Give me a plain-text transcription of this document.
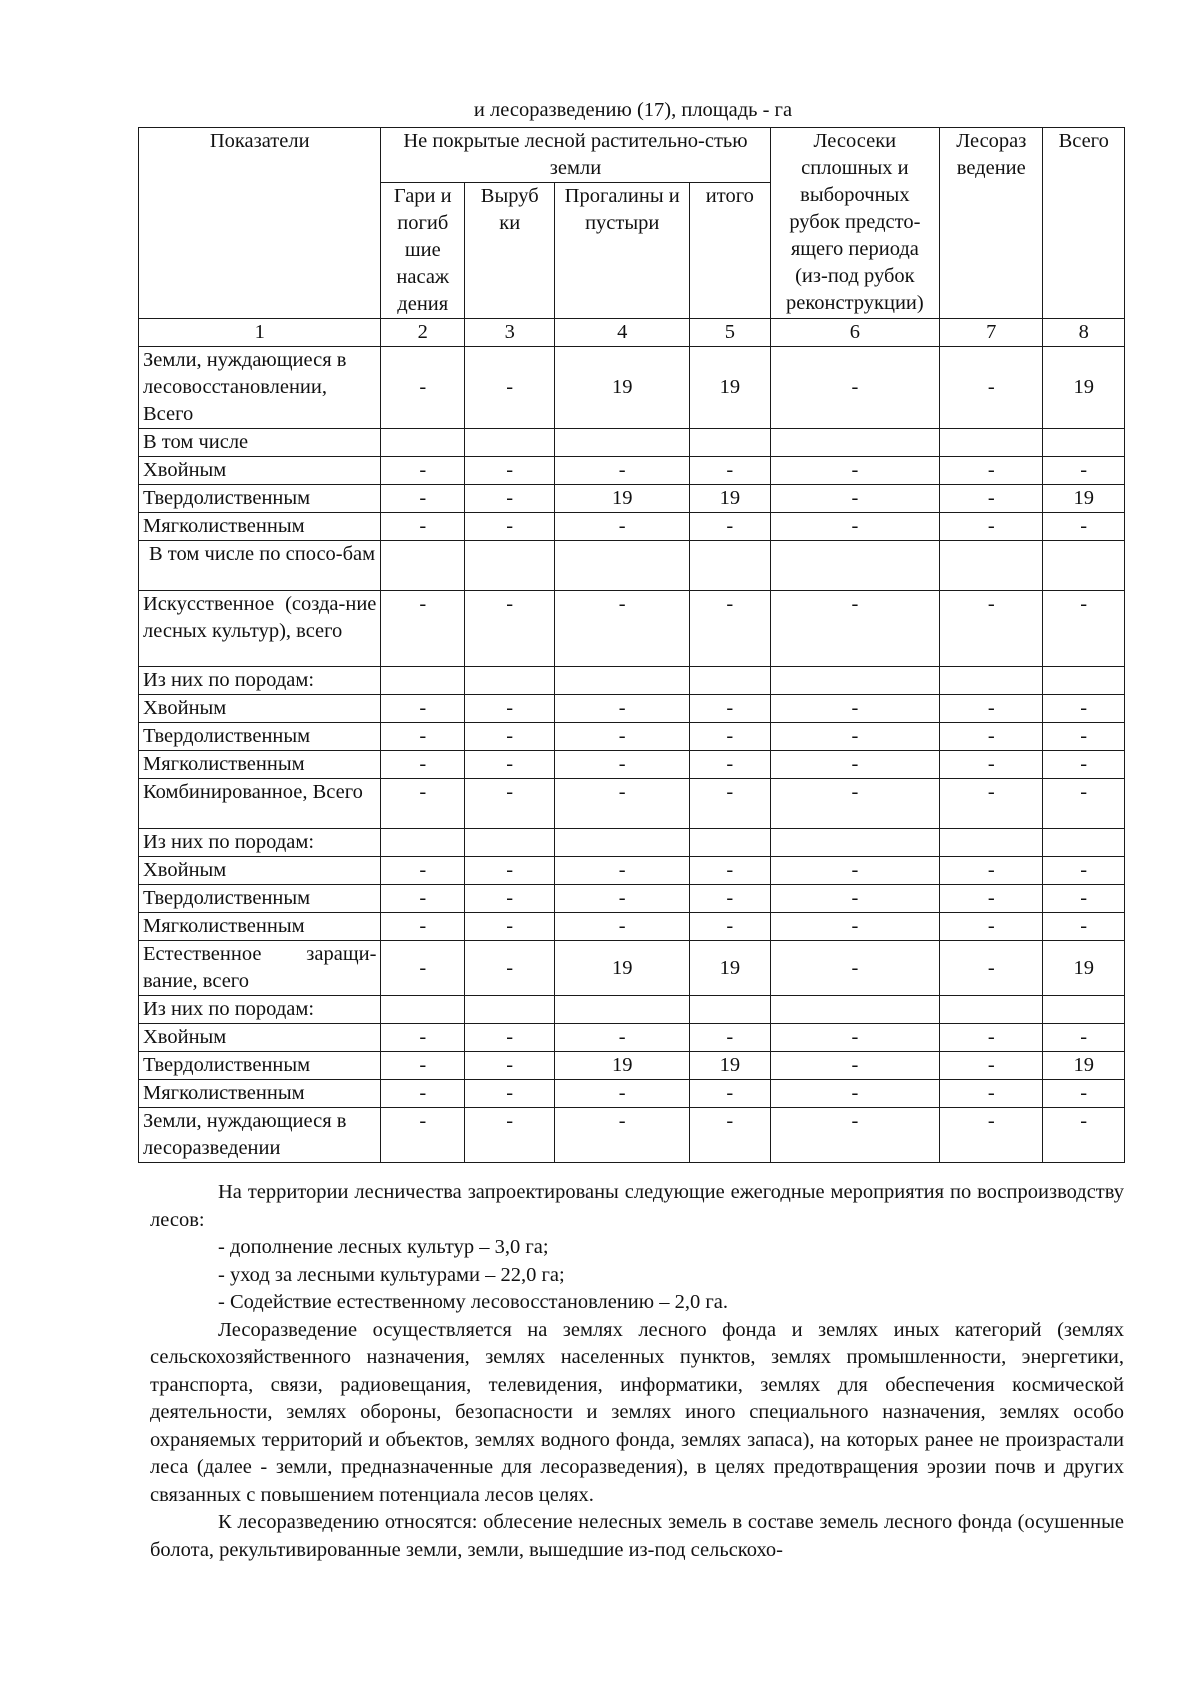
и лесоразведению (17), площадь - га
Показатели	Не покрытые лесной растительно-стью земли				Лесосеки сплошных и выборочных рубок предсто-ящего периода (из-под рубок реконструкции)	Лесораз ведение	Всего
	Гари и погиб шие насаж дения	Выруб ки	Прогалины и пустыри	итого			
1	2	3	4	5	6	7	8
Земли, нуждающиеся в лесовосстановлении, Всего	-	-	19	19	-	-	19
В том числе							
Хвойным	-	-	-	-	-	-	-
Твердолиственным	-	-	19	19	-	-	19
Мягколиственным	-	-	-	-	-	-	-
В том числе по спосо-бам							
Искусственное (созда-ние лесных культур), всего	-	-	-	-	-	-	-
Из них по породам:							
Хвойным	-	-	-	-	-	-	-
Твердолиственным	-	-	-	-	-	-	-
Мягколиственным	-	-	-	-	-	-	-
Комбинированное, Всего	-	-	-	-	-	-	-
Из них по породам:							
Хвойным	-	-	-	-	-	-	-
Твердолиственным	-	-	-	-	-	-	-
Мягколиственным	-	-	-	-	-	-	-
Естественное заращи-вание, всего	-	-	19	19	-	-	19
Из них по породам:							
Хвойным	-	-	-	-	-	-	-
Твердолиственным	-	-	19	19	-	-	19
Мягколиственным	-	-	-	-	-	-	-
Земли, нуждающиеся в лесоразведении	-	-	-	-	-	-	-

На территории лесничества запроектированы следующие ежегодные мероприятия по воспроизводству лесов:

- дополнение лесных культур – 3,0 га;

- уход за лесными культурами – 22,0 га;

- Содействие естественному лесовосстановлению – 2,0 га.

Лесоразведение осуществляется на землях лесного фонда и землях иных категорий (землях сельскохозяйственного назначения, землях населенных пунктов, землях промышленности, энергетики, транспорта, связи, радиовещания, телевидения, информатики, землях для обеспечения космической деятельности, землях обороны, безопасности и землях иного специального назначения, землях особо охраняемых территорий и объектов, землях водного фонда, землях запаса), на которых ранее не произрастали леса (далее - земли, предназначенные для лесоразведения), в целях предотвращения эрозии почв и других связанных с повышением потенциала лесов целях.

К лесоразведению относятся: облесение нелесных земель в составе земель лесного фонда (осушенные болота, рекультивированные земли, земли, вышедшие из-под сельскохо-
